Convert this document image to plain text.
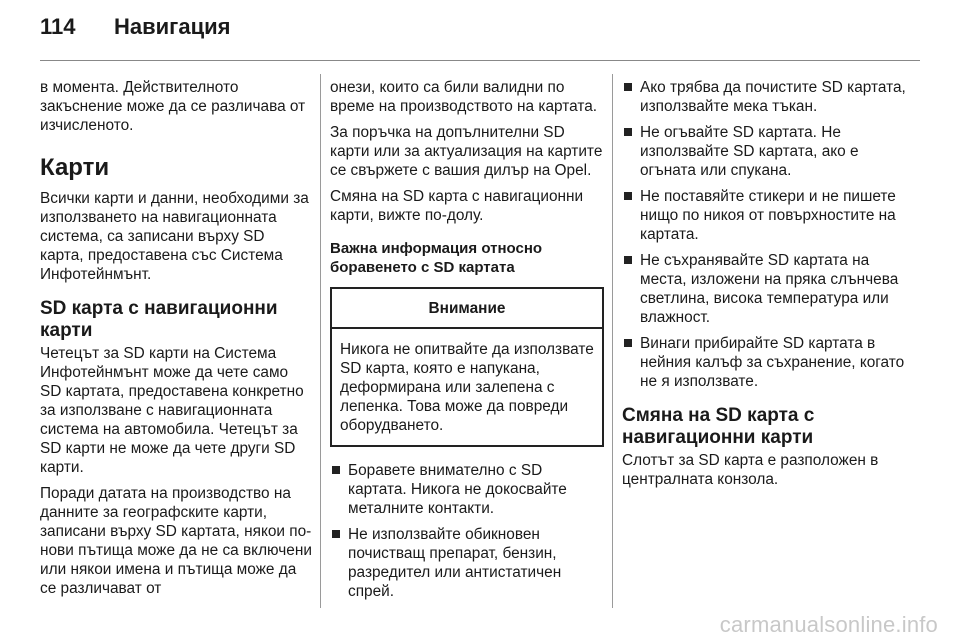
114 Навигация

в момента. Действителното закъснение може да се различава от изчисленото.

Карти

Всички карти и данни, необходими за използването на навигационната система, са записани върху SD карта, предоставена със Система Инфотейнмънт.

SD карта с навигационни карти

Четецът за SD карти на Система Инфотейнмънт може да чете само SD картата, предоставена конкретно за използване с навигационната система на автомобила. Четецът за SD карти не може да чете други SD карти.

Поради датата на производство на данните за географските карти, записани върху SD картата, някои по-нови пътища може да не са включени или някои имена и пътища може да се различават от

онези, които са били валидни по време на производството на картата.

За поръчка на допълнителни SD карти или за актуализация на картите се свържете с вашия дилър на Opel.

Смяна на SD карта с навигационни карти, вижте по-долу.

Важна информация относно боравенето с SD картата
Внимание
Никога не опитвайте да използвате SD карта, която е напукана, деформирана или залепена с лепенка. Това може да повреди оборудването.
Боравете внимателно с SD картата. Никога не докосвайте металните контакти.
Не използвайте обикновен почистващ препарат, бензин, разредител или антистатичен спрей.
Ако трябва да почистите SD картата, използвайте мека тъкан.
Не огъвайте SD картата. Не използвайте SD картата, ако е огъната или спукана.
Не поставяйте стикери и не пишете нищо по никоя от повърхностите на картата.
Не съхранявайте SD картата на места, изложени на пряка слънчева светлина, висока температура или влажност.
Винаги прибирайте SD картата в нейния калъф за съхранение, когато не я използвате.
Смяна на SD карта с навигационни карти

Слотът за SD карта е разположен в централната конзола.

carmanualsonline.info
